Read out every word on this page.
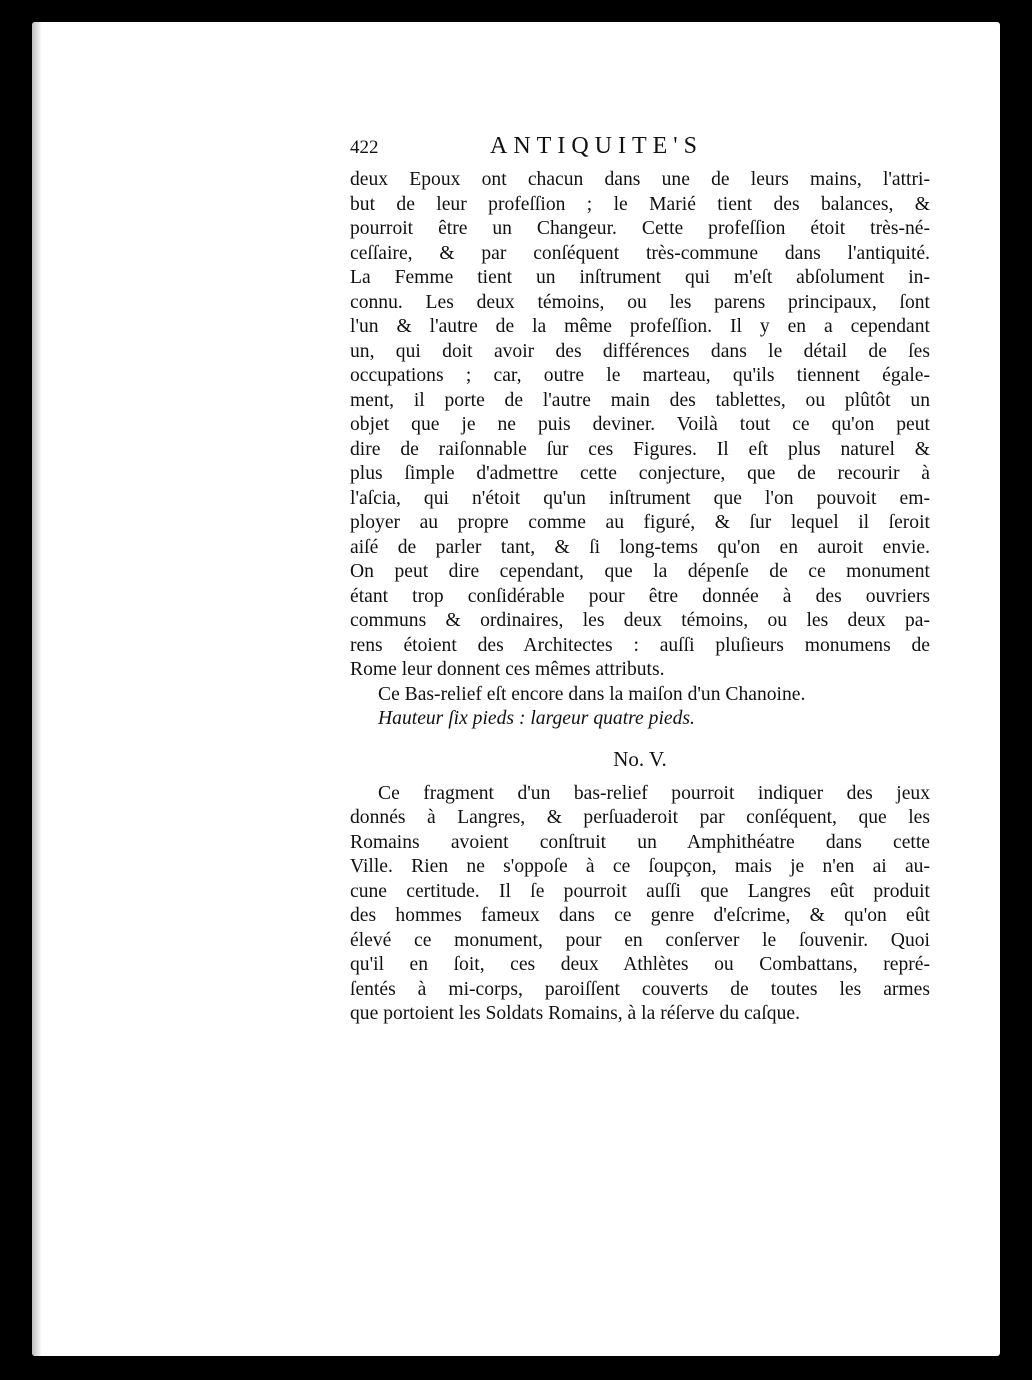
422	ANTIQUITE'S
deux Epoux ont chacun dans une de leurs mains, l'attri-
but de leur profeſſion ; le Marié tient des balances, &
pourroit être un Changeur. Cette profeſſion étoit très-né-
ceſſaire, & par conſéquent très-commune dans l'antiquité.
La Femme tient un inſtrument qui m'eſt abſolument in-
connu. Les deux témoins, ou les parens principaux, ſont
l'un & l'autre de la même profeſſion. Il y en a cependant
un, qui doit avoir des différences dans le détail de ſes
occupations ; car, outre le marteau, qu'ils tiennent égale-
ment, il porte de l'autre main des tablettes, ou plûtôt un
objet que je ne puis deviner. Voilà tout ce qu'on peut
dire de raiſonnable ſur ces Figures. Il eſt plus naturel &
plus ſimple d'admettre cette conjecture, que de recourir à
l'aſcia, qui n'étoit qu'un inſtrument que l'on pouvoit em-
ployer au propre comme au figuré, & ſur lequel il ſeroit
aiſé de parler tant, & ſi long-tems qu'on en auroit envie.
On peut dire cependant, que la dépenſe de ce monument
étant trop conſidérable pour être donnée à des ouvriers
communs & ordinaires, les deux témoins, ou les deux pa-
rens étoient des Architectes : auſſi pluſieurs monumens de
Rome leur donnent ces mêmes attributs.
Ce Bas-relief eſt encore dans la maiſon d'un Chanoine.
Hauteur ſix pieds : largeur quatre pieds.
No. V.
Ce fragment d'un bas-relief pourroit indiquer des jeux
donnés à Langres, & perſuaderoit par conſéquent, que les
Romains avoient conſtruit un Amphithéatre dans cette
Ville. Rien ne s'oppoſe à ce ſoupçon, mais je n'en ai au-
cune certitude. Il ſe pourroit auſſi que Langres eût produit
des hommes fameux dans ce genre d'eſcrime, & qu'on eût
élevé ce monument, pour en conſerver le ſouvenir. Quoi
qu'il en ſoit, ces deux Athlètes ou Combattans, repré-
ſentés à mi-corps, paroiſſent couverts de toutes les armes
que portoient les Soldats Romains, à la réſerve du caſque.
